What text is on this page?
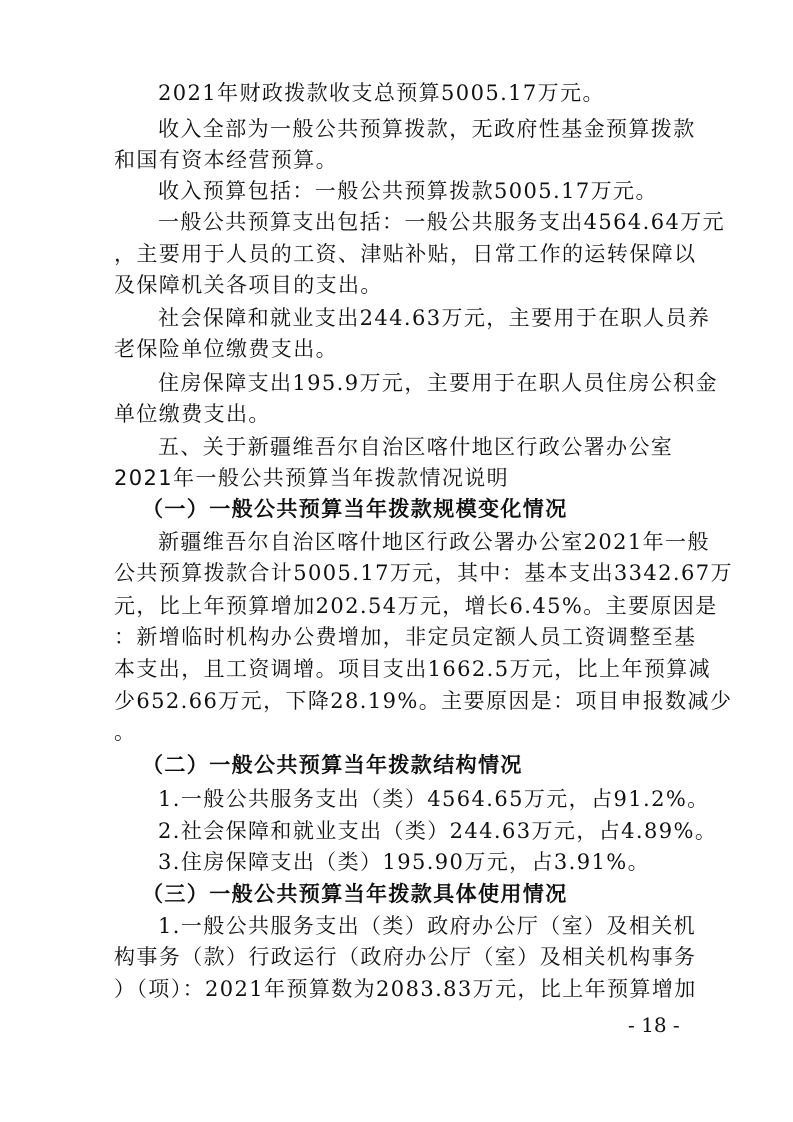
2021年财政拨款收支总预算5005.17万元。
收入全部为一般公共预算拨款，无政府性基金预算拨款
和国有资本经营预算。
收入预算包括：一般公共预算拨款5005.17万元。
一般公共预算支出包括：一般公共服务支出4564.64万元
，主要用于人员的工资、津贴补贴，日常工作的运转保障以
及保障机关各项目的支出。
社会保障和就业支出244.63万元，主要用于在职人员养
老保险单位缴费支出。
住房保障支出195.9万元，主要用于在职人员住房公积金
单位缴费支出。
五、关于新疆维吾尔自治区喀什地区行政公署办公室
2021年一般公共预算当年拨款情况说明
（一）一般公共预算当年拨款规模变化情况
新疆维吾尔自治区喀什地区行政公署办公室2021年一般
公共预算拨款合计5005.17万元，其中：基本支出3342.67万
元，比上年预算增加202.54万元，增长6.45%。主要原因是
：新增临时机构办公费增加，非定员定额人员工资调整至基
本支出，且工资调增。项目支出1662.5万元，比上年预算减
少652.66万元，下降28.19%。主要原因是：项目申报数减少
。
（二）一般公共预算当年拨款结构情况
1.一般公共服务支出（类）4564.65万元，占91.2%。
2.社会保障和就业支出（类）244.63万元，占4.89%。
3.住房保障支出（类）195.90万元，占3.91%。
（三）一般公共预算当年拨款具体使用情况
1.一般公共服务支出（类）政府办公厅（室）及相关机
构事务（款）行政运行（政府办公厅（室）及相关机构事务
）（项）：2021年预算数为2083.83万元，比上年预算增加
- 18 -
